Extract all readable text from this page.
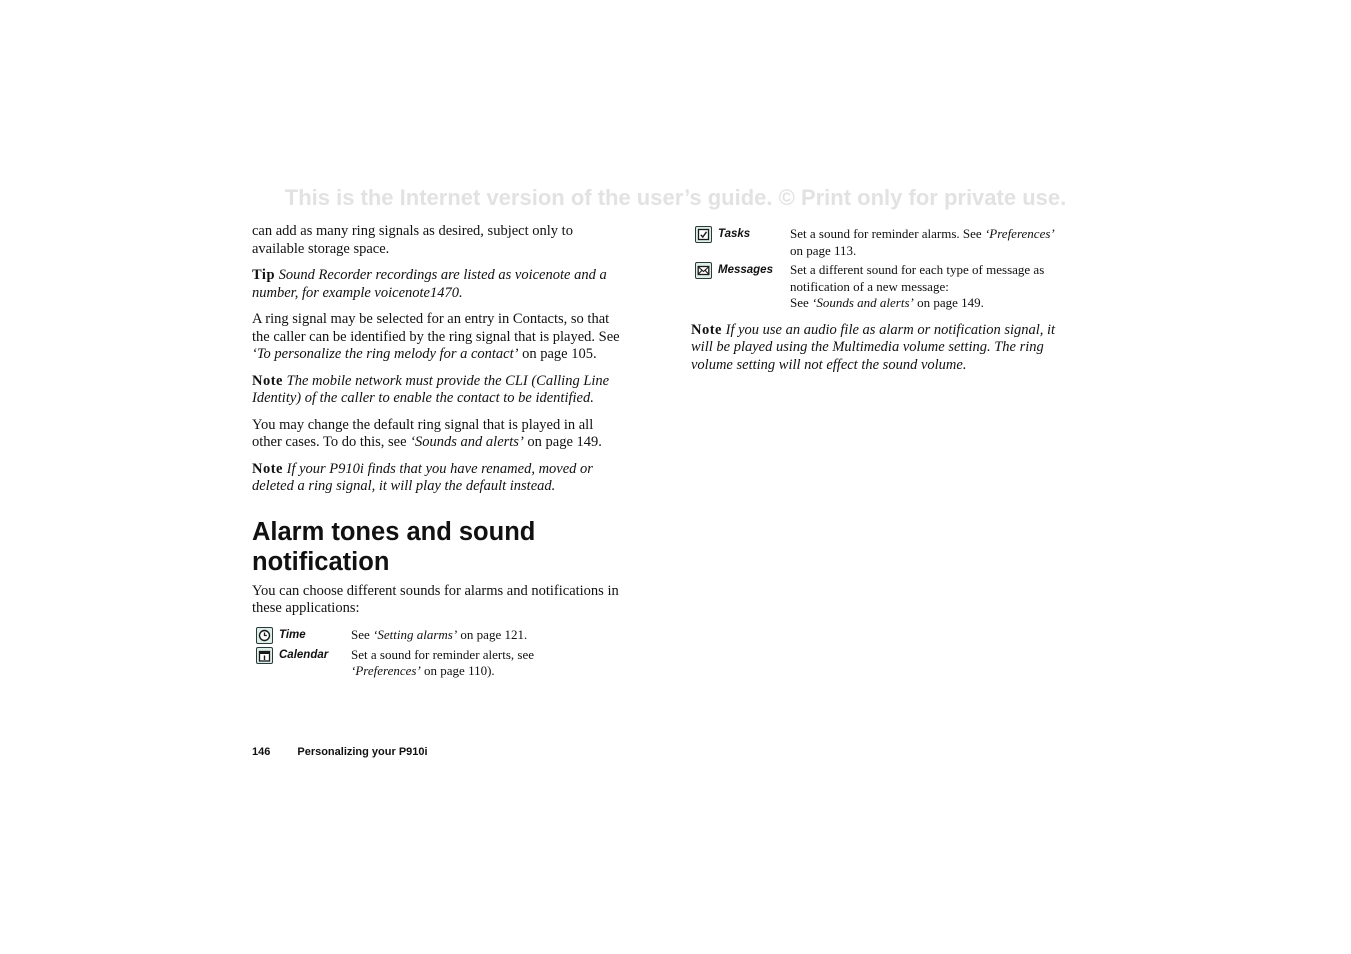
This is the Internet version of the user’s guide. © Print only for private use.

can add as many ring signals as desired, subject only to available storage space.

Tip Sound Recorder recordings are listed as voicenote and a number, for example voicenote1470.

A ring signal may be selected for an entry in Contacts, so that the caller can be identified by the ring signal that is played. See ‘To personalize the ring melody for a contact’ on page 105.

Note The mobile network must provide the CLI (Calling Line Identity) of the caller to enable the contact to be identified.

You may change the default ring signal that is played in all other cases. To do this, see ‘Sounds and alerts’ on page 149.

Note If your P910i finds that you have renamed, moved or deleted a ring signal, it will play the default instead.

Alarm tones and sound notification

You can choose different sounds for alarms and notifications in these applications:

Time	See ‘Setting alarms’ on page 121.
Calendar	Set a sound for reminder alerts, see ‘Preferences’ on page 110).
Tasks	Set a sound for reminder alarms. See ‘Preferences’ on page 113.
Messages	Set a different sound for each type of message as notification of a new message:
See ‘Sounds and alerts’ on page 149.

Note If you use an audio file as alarm or notification signal, it will be played using the Multimedia volume setting. The ring volume setting will not effect the sound volume.

146 Personalizing your P910i
